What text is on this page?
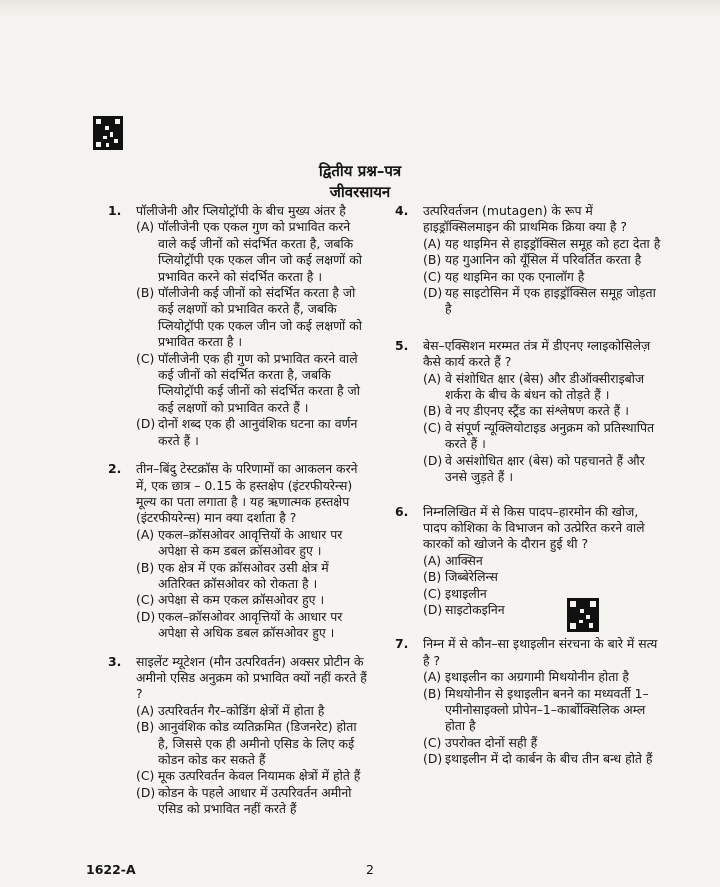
द्वितीय प्रश्न–पत्र
जीवरसायन
1. पॉलीजेनी और प्लियोट्रॉपी के बीच मुख्य अंतर है
(A) पॉलीजेनी एक एकल गुण को प्रभावित करने वाले कई जीनों को संदर्भित करता है, जबकि प्लियोट्रॉपी एक एकल जीन जो कई लक्षणों को प्रभावित करने को संदर्भित करता है ।
(B) पॉलीजेनी कई जीनों को संदर्भित करता है जो कई लक्षणों को प्रभावित करते हैं, जबकि प्लियोट्रॉपी एक एकल जीन जो कई लक्षणों को प्रभावित करता है ।
(C) पॉलीजेनी एक ही गुण को प्रभावित करने वाले कई जीनों को संदर्भित करता है, जबकि प्लियोट्रॉपी कई जीनों को संदर्भित करता है जो कई लक्षणों को प्रभावित करते हैं ।
(D) दोनों शब्द एक ही आनुवंशिक घटना का वर्णन करते हैं ।
2. तीन–बिंदु टेस्टक्रॉस के परिणामों का आकलन करने में, एक छात्र – 0.15 के हस्तक्षेप (इंटरफीयरेन्स) मूल्य का पता लगाता है । यह ऋणात्मक हस्तक्षेप (इंटरफीयरेन्स) मान क्या दर्शाता है ?
(A) एकल–क्रॉसओवर आवृत्तियों के आधार पर अपेक्षा से कम डबल क्रॉसओवर हुए ।
(B) एक क्षेत्र में एक क्रॉसओवर उसी क्षेत्र में अतिरिक्त क्रॉसओवर को रोकता है ।
(C) अपेक्षा से कम एकल क्रॉसओवर हुए ।
(D) एकल–क्रॉसओवर आवृत्तियों के आधार पर अपेक्षा से अधिक डबल क्रॉसओवर हुए ।
3. साइलेंट म्यूटेशन (मौन उत्परिवर्तन) अक्सर प्रोटीन के अमीनो एसिड अनुक्रम को प्रभावित क्यों नहीं करते हैं ?
(A) उत्परिवर्तन गैर–कोडिंग क्षेत्रों में होता है
(B) आनुवंशिक कोड व्यतिक्रमित (डिजनरेट) होता है, जिससे एक ही अमीनो एसिड के लिए कई कोडन कोड कर सकते हैं
(C) मूक उत्परिवर्तन केवल नियामक क्षेत्रों में होते हैं
(D) कोडन के पहले आधार में उत्परिवर्तन अमीनो एसिड को प्रभावित नहीं करते हैं
4. उत्परिवर्तजन (mutagen) के रूप में हाइड्रॉक्सिलमाइन की प्राथमिक क्रिया क्या है ?
(A) यह थाइमिन से हाइड्रॉक्सिल समूह को हटा देता है
(B) यह गुआनिन को यूँसिल में परिवर्तित करता है
(C) यह थाइमिन का एक एनालॉग है
(D) यह साइटोसिन में एक हाइड्रॉक्सिल समूह जोड़ता है
5. बेस–एक्सिशन मरम्मत तंत्र में डीएनए ग्लाइकोसिलेज़ कैसे कार्य करते हैं ?
(A) वे संशोधित क्षार (बेस) और डीऑक्सीराइबोज शर्करा के बीच के बंधन को तोड़ते हैं ।
(B) वे नए डीएनए स्ट्रैंड का संश्लेषण करते हैं ।
(C) वे संपूर्ण न्यूक्लियोटाइड अनुक्रम को प्रतिस्थापित करते हैं ।
(D) वे असंशोधित क्षार (बेस) को पहचानते हैं और उनसे जुड़ते हैं ।
6. निम्नलिखित में से किस पादप–हारमोन की खोज, पादप कोशिका के विभाजन को उत्प्रेरित करने वाले कारकों को खोजने के दौरान हुई थी ?
(A) आक्सिन
(B) जिब्बेरेलिन्स
(C) इथाइलीन
(D) साइटोकइनिन
7. निम्न में से कौन–सा इथाइलीन संरचना के बारे में सत्य है ?
(A) इथाइलीन का अग्रगामी मिथयोनीन होता है
(B) मिथयोनीन से इथाइलीन बनने का मध्यवर्ती 1–एमीनोसाइक्लो प्रोपेन–1–कार्बोक्सिलिक अम्ल होता है
(C) उपरोक्त दोनों सही हैं
(D) इथाइलीन में दो कार्बन के बीच तीन बन्ध होते हैं
1622-A	2
